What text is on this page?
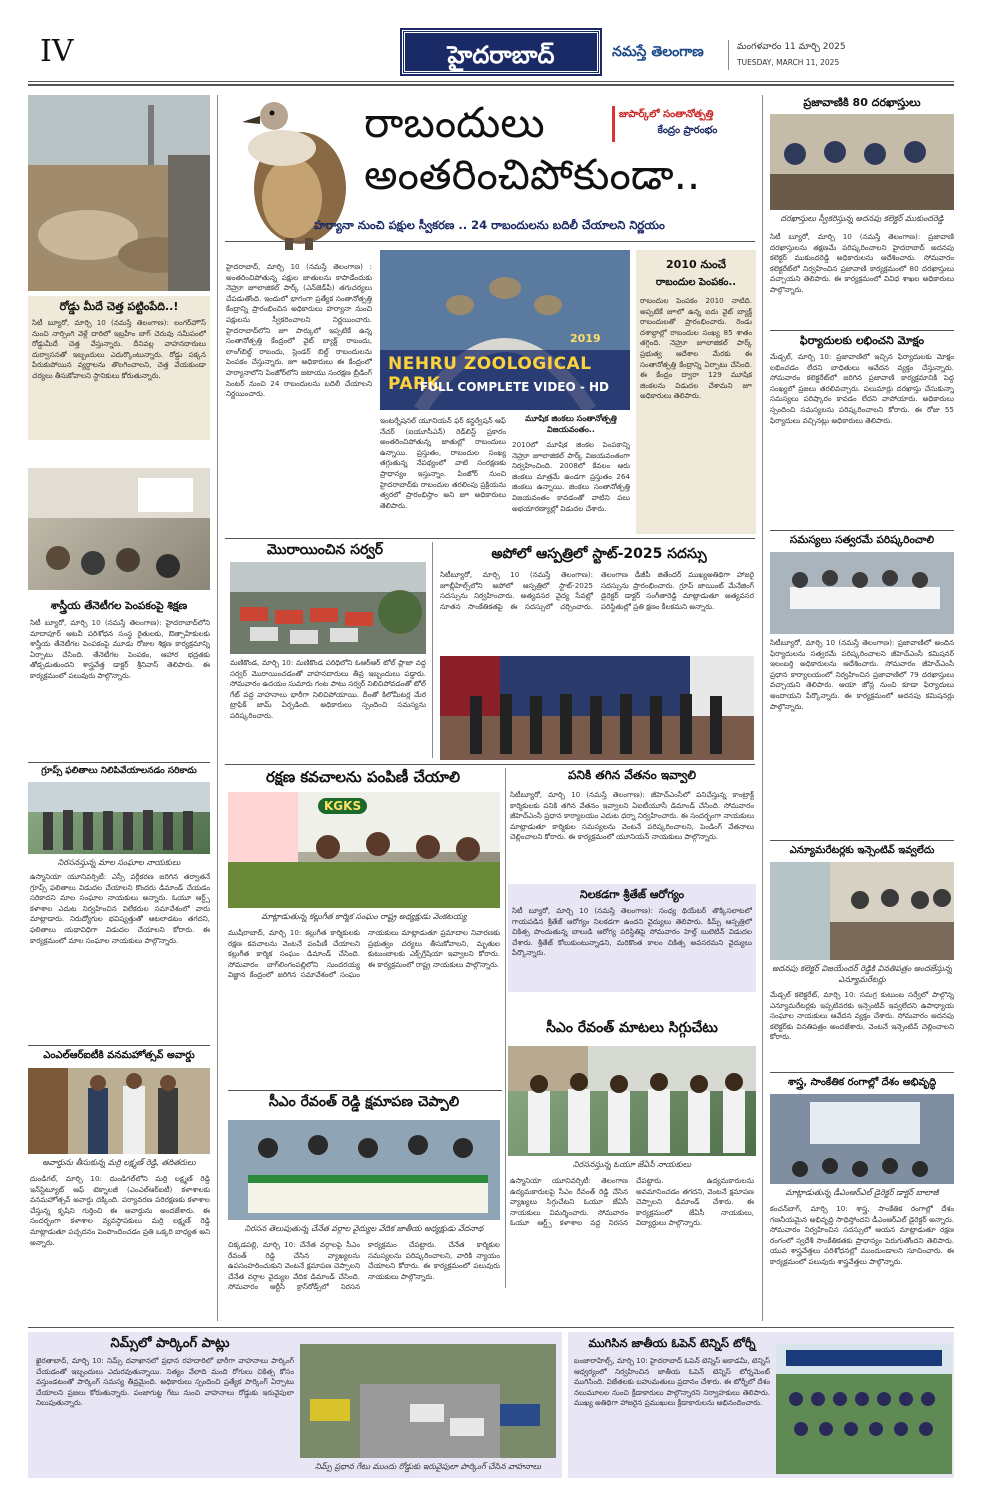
IV	హైదరాబాద్	నమస్తే తెలంగాణ	మంగళవారం 11 మార్చి 2025
TUESDAY, MARCH 11, 2025
రోడ్డు మీదే చెత్త పట్టింపేది..!
సిటీ బ్యూరో, మార్చి 10 (నమస్తే తెలంగాణ): లంగర్‌హౌస్ నుంచి నార్సింగి వెళ్లే దారిలో ఇబ్రహీం బాగ్ చెరువు సమీపంలో రోడ్డుమీదే చెత్త వేస్తున్నారు. దీనివల్ల వాహనదారులు దుర్వాసనతో ఇబ్బందులు ఎదుర్కొంటున్నారు. రోడ్డు పక్కన పేరుకుపోయిన వ్యర్థాలను తొలగించాలని, చెత్త వేయకుండా చర్యలు తీసుకోవాలని స్థానికులు కోరుతున్నారు.
శాస్త్రీయ తేనెటీగల పెంపకంపై శిక్షణ
సిటీ బ్యూరో, మార్చి 10 (నమస్తే తెలంగాణ): హైదరాబాద్‌లోని మాదాపూర్ ఆటవీ పరిశోధన సంస్థ రైతులకు, ఔత్సాహికులకు శాస్త్రీయ తేనెటీగల పెంపకంపై మూడు రోజుల శిక్షణ కార్యక్రమాన్ని ఏర్పాటు చేసింది. తేనెటీగల పెంపకం, ఆహార భద్రతకు తోడ్పడుతుందని శాస్త్రవేత్త డాక్టర్ శ్రీనివాస్ తెలిపారు. ఈ కార్యక్రమంలో పలువురు పాల్గొన్నారు.
గ్రూప్స్ ఫలితాలు నిలిపివేయాలనడం సరికాదు
నిరసనస్తున్న మాల సంఘాల నాయకులు
ఉస్మానియా యూనివర్సిటీ: ఎస్సీ వర్గీకరణ జరిగిన తర్వాతనే గ్రూప్స్ ఫలితాలు విడుదల చేయాలని కొందరు డిమాండ్ చేయడం సరికాదని మాల సంఘాల నాయకులు అన్నారు. ఓయూ ఆర్ట్స్ కళాశాల ఎదుట నిర్వహించిన విలేకరుల సమావేశంలో వారు మాట్లాడారు. నిరుద్యోగుల భవిష్యత్తుతో ఆటలాడటం తగదని, ఫలితాలు యథావిధిగా విడుదల చేయాలని కోరారు. ఈ కార్యక్రమంలో మాల సంఘాల నాయకులు పాల్గొన్నారు.
ఎంఎల్ఆర్ఐటీకి వనమహోత్సవ్ అవార్డు
అవార్డును తీసుకున్న మర్రి లక్ష్మణ్ రెడ్డి, తదితరులు
దుండిగల్, మార్చి 10: దుండిగల్‌లోని మర్రి లక్ష్మణ్ రెడ్డి ఇన్‌స్టిట్యూట్ ఆఫ్ టెక్నాలజీ (ఎంఎల్ఆర్ఐటీ) కళాశాలకు వనమహోత్సవ్ అవార్డు దక్కింది. పర్యావరణ పరిరక్షణకు కళాశాల చేస్తున్న కృషిని గుర్తించి ఈ అవార్డును అందజేశారు. ఈ సందర్భంగా కళాశాల వ్యవస్థాపకులు మర్రి లక్ష్మణ్ రెడ్డి మాట్లాడుతూ పచ్చదనం పెంపొందించడం ప్రతి ఒక్కరి బాధ్యత అని అన్నారు.
రాబందులు
అంతరించిపోకుండా..
జుపార్క్‌లో సంతానోత్పత్తి
కేంద్రం ప్రారంభం
హర్యానా నుంచి పక్షుల స్వీకరణ .. 24 రాబందులను బదిలీ చేయాలని నిర్ణయం
హైదరాబాద్, మార్చి 10 (నమస్తే తెలంగాణ) : అంతరించిపోతున్న పక్షుల జాతులను కాపాడేందుకు నెహ్రూ జూలాజికల్ పార్క్ (ఎన్‌జెడ్‌పీ) తగుచర్యలు చేపడుతోంది. ఇందులో భాగంగా ప్రత్యేక సంతానోత్పత్తి కేంద్రాన్ని ప్రారంభించిన అధికారులు హర్యానా నుంచి పక్షులను స్వీకరించాలని నిర్ణయించారు. హైదరాబాద్‌లోని జూ పార్కులో ఇప్పటికే ఉన్న సంతానోత్పత్తి కేంద్రంలో వైట్ బ్యాక్డ్ రాబందు, లాంగ్‌బిల్డ్ రాబందు, స్లెండర్ బిల్డ్ రాబందులను పెంపకం చేస్తున్నారు. జూ అధికారులు ఈ కేంద్రంలో హర్యానాలోని పింజోర్‌లోని జటాయు సంరక్షణ బ్రీడింగ్ సెంటర్ నుంచి 24 రాబందులను బదిలీ చేయాలని నిర్ణయించారు.
2019
NEHRU ZOOLOGICAL PARK
FULL COMPLETE VIDEO - HD
ఇంటర్నేషనల్ యూనియన్ ఫర్ కన్జర్వేషన్ ఆఫ్ నేచర్ (ఐయూసీఎన్) రెడ్‌లిస్ట్ ప్రకారం అంతరించిపోతున్న జాతుల్లో రాబందులు ఉన్నాయి. ప్రస్తుతం, రాబందుల సంఖ్య తగ్గుతున్న నేపథ్యంలో వాటి సంరక్షణకు ప్రాధాన్యం ఇస్తున్నాం. పింజోర్ నుంచి హైదరాబాద్‌కు రాబందుల తరలింపు ప్రక్రియను త్వరలో ప్రారంభిస్తాం అని జూ అధికారులు తెలిపారు.
మూషిక జింకలు సంతానోత్పత్తి
విజయవంతం..
2010లో మూషిక జింకల పెంపకాన్ని నెహ్రూ జూలాజికల్ పార్క్ విజయవంతంగా నిర్వహించింది. 2008లో కేవలం ఆరు జింకలు మాత్రమే ఉండగా ప్రస్తుతం 264 జింకలు ఉన్నాయి. జింకలు సంతానోత్పత్తి విజయవంతం కావడంతో వాటిని పలు అభయారణ్యాల్లో విడుదల చేశారు.
2010 నుంచే
రాబందుల పెంపకం..
రాబందుల పెంపకం 2010 నాటిది. అప్పటికే జూలో ఉన్న ఐదు వైట్ బ్యాక్డ్ రాబందులతో ప్రారంభించారు. రెండు దశాబ్దాల్లో రాబందుల సంఖ్య 85 శాతం తగ్గింది. నెహ్రూ జూలాజికల్ పార్క్ ప్రభుత్వ ఆదేశాల మేరకు ఈ సంతానోత్పత్తి కేంద్రాన్ని ఏర్పాటు చేసింది. ఈ కేంద్రం ద్వారా 129 మూషిక జింకలను విడుదల చేశామని జూ అధికారులు తెలిపారు.
మొరాయించిన సర్వర్
మణికొండ, మార్చి 10: మణికొండ పరిధిలోని ఓఆర్ఆర్ టోల్ ప్లాజా వద్ద సర్వర్ మొరాయించడంతో వాహనదారులు తీవ్ర ఇబ్బందులు పడ్డారు. సోమవారం ఉదయం సుమారు గంట పాటు సర్వర్ నిలిచిపోవడంతో టోల్ గేట్ వద్ద వాహనాలు భారీగా నిలిచిపోయాయి. దీంతో కిలోమీటర్ల మేర ట్రాఫిక్ జామ్ ఏర్పడింది. అధికారులు స్పందించి సమస్యను పరిష్కరించారు.
అపోలో ఆస్పత్రిలో స్టాట్-2025 సదస్సు
సిటీబ్యూరో, మార్చి 10 (నమస్తే తెలంగాణ): జూబ్లీహిల్స్‌లోని అపోలో ఆస్పత్రిలో స్టాట్-2025 సదస్సును నిర్వహించారు. అత్యవసర వైద్య సేవల్లో నూతన సాంకేతికతపై ఈ సదస్సులో చర్చించారు. తెలంగాణ డీజీపీ జితేందర్ ముఖ్యఅతిథిగా హాజరై సదస్సును ప్రారంభించారు. గ్రూప్ జాయింట్ మేనేజింగ్ డైరెక్టర్ డాక్టర్ సంగీతారెడ్డి మాట్లాడుతూ అత్యవసర పరిస్థితుల్లో ప్రతి క్షణం కీలకమని అన్నారు.
రక్షణ కవచాలను పంపిణీ చేయాలి
KGKS
మాట్లాడుతున్న కల్లుగీత కార్మిక సంఘం రాష్ట్ర అధ్యక్షుడు వెంకటయ్య
ముషీరాబాద్, మార్చి 10: కల్లుగీత కార్మికులకు రక్షణ కవచాలను వెంటనే పంపిణీ చేయాలని కల్లుగీత కార్మిక సంఘం డిమాండ్ చేసింది. సోమవారం బాగ్‌లింగంపల్లిలోని సుందరయ్య విజ్ఞాన కేంద్రంలో జరిగిన సమావేశంలో సంఘం నాయకులు మాట్లాడుతూ ప్రమాదాల నివారణకు ప్రభుత్వం చర్యలు తీసుకోవాలని, మృతుల కుటుంబాలకు ఎక్స్‌గ్రేషియా ఇవ్వాలని కోరారు. ఈ కార్యక్రమంలో రాష్ట్ర నాయకులు పాల్గొన్నారు.
పనికి తగిన వేతనం ఇవ్వాలి
సిటీబ్యూరో, మార్చి 10 (నమస్తే తెలంగాణ): జీహెచ్ఎంసీలో పనిచేస్తున్న కాంట్రాక్ట్ కార్మికులకు పనికి తగిన వేతనం ఇవ్వాలని ఏఐటీయూసీ డిమాండ్ చేసింది. సోమవారం జీహెచ్ఎంసీ ప్రధాన కార్యాలయం ఎదుట ధర్నా నిర్వహించారు. ఈ సందర్భంగా నాయకులు మాట్లాడుతూ కార్మికుల సమస్యలను వెంటనే పరిష్కరించాలని, పెండింగ్ వేతనాలు చెల్లించాలని కోరారు. ఈ కార్యక్రమంలో యూనియన్ నాయకులు పాల్గొన్నారు.
నిలకడగా శ్రీతేజ్ ఆరోగ్యం
సిటీ బ్యూరో, మార్చి 10 (నమస్తే తెలంగాణ): సంధ్య థియేటర్ తొక్కిసలాటలో గాయపడిన శ్రీతేజ్ ఆరోగ్యం నిలకడగా ఉందని వైద్యులు తెలిపారు. కిమ్స్ ఆస్పత్రిలో చికిత్స పొందుతున్న బాలుడి ఆరోగ్య పరిస్థితిపై సోమవారం హెల్త్ బులెటిన్ విడుదల చేశారు. శ్రీతేజ్ కోలుకుంటున్నాడని, మరికొంత కాలం చికిత్స అవసరమని వైద్యులు పేర్కొన్నారు.
సీఎం రేవంత్ రెడ్డి క్షమాపణ చెప్పాలి
నిరసన తెలుపుతున్న చేనేత వర్గాల వైద్యుల వేదిక జాతీయ అధ్యక్షుడు వేదనాథ
చిక్కడపల్లి, మార్చి 10: చేనేత వర్గాలపై సీఎం రేవంత్ రెడ్డి చేసిన వ్యాఖ్యలను ఉపసంహరించుకుని వెంటనే క్షమాపణ చెప్పాలని చేనేత వర్గాల వైద్యుల వేదిక డిమాండ్ చేసింది. సోమవారం ఆర్టీసీ క్రాస్‌రోడ్స్‌లో నిరసన కార్యక్రమం చేపట్టారు. చేనేత కార్మికుల సమస్యలను పరిష్కరించాలని, వారికి న్యాయం చేయాలని కోరారు. ఈ కార్యక్రమంలో పలువురు నాయకులు పాల్గొన్నారు.
సీఎం రేవంత్ మాటలు సిగ్గుచేటు
నిరసనస్తున్న ఓయూ జేఏసీ నాయకులు
ఉస్మానియా యూనివర్సిటీ: తెలంగాణ ఉద్యమకారులపై సీఎం రేవంత్ రెడ్డి చేసిన వ్యాఖ్యలు సిగ్గుచేటని ఓయూ జేఏసీ నాయకులు విమర్శించారు. సోమవారం ఓయూ ఆర్ట్స్ కళాశాల వద్ద నిరసన చేపట్టారు. ఉద్యమకారులను అవమానించడం తగదని, వెంటనే క్షమాపణ చెప్పాలని డిమాండ్ చేశారు. ఈ కార్యక్రమంలో జేఏసీ నాయకులు, విద్యార్థులు పాల్గొన్నారు.
ప్రజావాణికి 80 దరఖాస్తులు
దరఖాస్తులు స్వీకరిస్తున్న అదనపు కలెక్టర్ ముకుందరెడ్డి
సిటీ బ్యూరో, మార్చి 10 (నమస్తే తెలంగాణ): ప్రజావాణి దరఖాస్తులను తక్షణమే పరిష్కరించాలని హైదరాబాద్ అదనపు కలెక్టర్ ముకుందరెడ్డి అధికారులను ఆదేశించారు. సోమవారం కలెక్టరేట్‌లో నిర్వహించిన ప్రజావాణి కార్యక్రమంలో 80 దరఖాస్తులు వచ్చాయని తెలిపారు. ఈ కార్యక్రమంలో వివిధ శాఖల అధికారులు పాల్గొన్నారు.
ఫిర్యాదులకు లభించని మోక్షం
మేడ్చల్, మార్చి 10: ప్రజావాణిలో ఇచ్చిన ఫిర్యాదులకు మోక్షం లభించడం లేదని బాధితులు ఆవేదన వ్యక్తం చేస్తున్నారు. సోమవారం కలెక్టరేట్‌లో జరిగిన ప్రజావాణి కార్యక్రమానికి పెద్ద సంఖ్యలో ప్రజలు తరలివచ్చారు. పలుమార్లు దరఖాస్తు చేసుకున్నా సమస్యలు పరిష్కారం కావడం లేదని వాపోయారు. అధికారులు స్పందించి సమస్యలను పరిష్కరించాలని కోరారు. ఈ రోజు 55 ఫిర్యాదులు వచ్చినట్లు అధికారులు తెలిపారు.
సమస్యలు సత్వరమే పరిష్కరించాలి
సిటీబ్యూరో, మార్చి 10 (నమస్తే తెలంగాణ): ప్రజావాణిలో అందిన ఫిర్యాదులను సత్వరమే పరిష్కరించాలని జీహెచ్ఎంసీ కమిషనర్ ఇలంబర్తి అధికారులను ఆదేశించారు. సోమవారం జీహెచ్ఎంసీ ప్రధాన కార్యాలయంలో నిర్వహించిన ప్రజావాణిలో 79 దరఖాస్తులు వచ్చాయని తెలిపారు. ఆయా జోన్ల నుంచి కూడా ఫిర్యాదులు అందాయని పేర్కొన్నారు. ఈ కార్యక్రమంలో అదనపు కమిషనర్లు పాల్గొన్నారు.
ఎన్యూమరేటర్లకు ఇన్సెంటివ్ ఇవ్వలేదు
అదనపు కలెక్టర్ విజయేందర్ రెడ్డికి వినతిపత్రం అందజేస్తున్న ఎన్యూమరేటర్లు
మేడ్చల్ కలెక్టరేట్, మార్చి 10: సమగ్ర కుటుంబ సర్వేలో పాల్గొన్న ఎన్యూమరేటర్లకు ఇప్పటివరకు ఇన్సెంటివ్ ఇవ్వలేదని ఉపాధ్యాయ సంఘాల నాయకులు ఆవేదన వ్యక్తం చేశారు. సోమవారం అదనపు కలెక్టర్‌కు వినతిపత్రం అందజేశారు. వెంటనే ఇన్సెంటివ్ చెల్లించాలని కోరారు.
శాస్త్ర, సాంకేతిక రంగాల్లో దేశం అభివృద్ధి
మాట్లాడుతున్న డీఎంఆర్ఎల్ డైరెక్టర్ డాక్టర్ బాలాజీ
కంచన్‌బాగ్, మార్చి 10: శాస్త్ర, సాంకేతిక రంగాల్లో దేశం గణనీయమైన అభివృద్ధి సాధిస్తోందని డీఎంఆర్ఎల్ డైరెక్టర్ అన్నారు. సోమవారం నిర్వహించిన సదస్సులో ఆయన మాట్లాడుతూ రక్షణ రంగంలో స్వదేశీ సాంకేతికతకు ప్రాధాన్యం పెరుగుతోందని తెలిపారు. యువ శాస్త్రవేత్తలు పరిశోధనల్లో ముందుండాలని సూచించారు. ఈ కార్యక్రమంలో పలువురు శాస్త్రవేత్తలు పాల్గొన్నారు.
నిమ్స్‌లో పార్కింగ్ పాట్లు
ఖైరతాబాద్, మార్చి 10: నిమ్స్ దవాఖానలో ప్రధాన రహదారిలో భారీగా వాహనాలు పార్కింగ్ చేయడంతో ఇబ్బందులు ఎదురవుతున్నాయి. నిత్యం వేలాది మంది రోగులు చికిత్స కోసం వస్తుండటంతో పార్కింగ్ సమస్య తీవ్రమైంది. అధికారులు స్పందించి ప్రత్యేక పార్కింగ్ ఏర్పాటు చేయాలని ప్రజలు కోరుతున్నారు. పంజాగుట్ట గేటు నుంచి వాహనాలు రోడ్డుకు ఇరువైపులా నిలుపుతున్నారు.
నిమ్స్ ప్రధాన గేటు ముందు రోడ్డుకు ఇరువైపులా పార్కింగ్ చేసిన వాహనాలు
ముగిసిన జాతీయ ఓపెన్ టెన్నిస్ టోర్నీ
బంజారాహిల్స్, మార్చి 10: హైదరాబాద్ ఓపెన్ టెన్నిస్ అకాడమీ, టెన్నిస్ ఆధ్వర్యంలో నిర్వహించిన జాతీయ ఓపెన్ టెన్నిస్ టోర్నమెంట్ ముగిసింది. విజేతలకు బహుమతులు ప్రదానం చేశారు. ఈ టోర్నీలో దేశం నలుమూలల నుంచి క్రీడాకారులు పాల్గొన్నారని నిర్వాహకులు తెలిపారు. ముఖ్య అతిథిగా హాజరైన ప్రముఖులు క్రీడాకారులను అభినందించారు.
